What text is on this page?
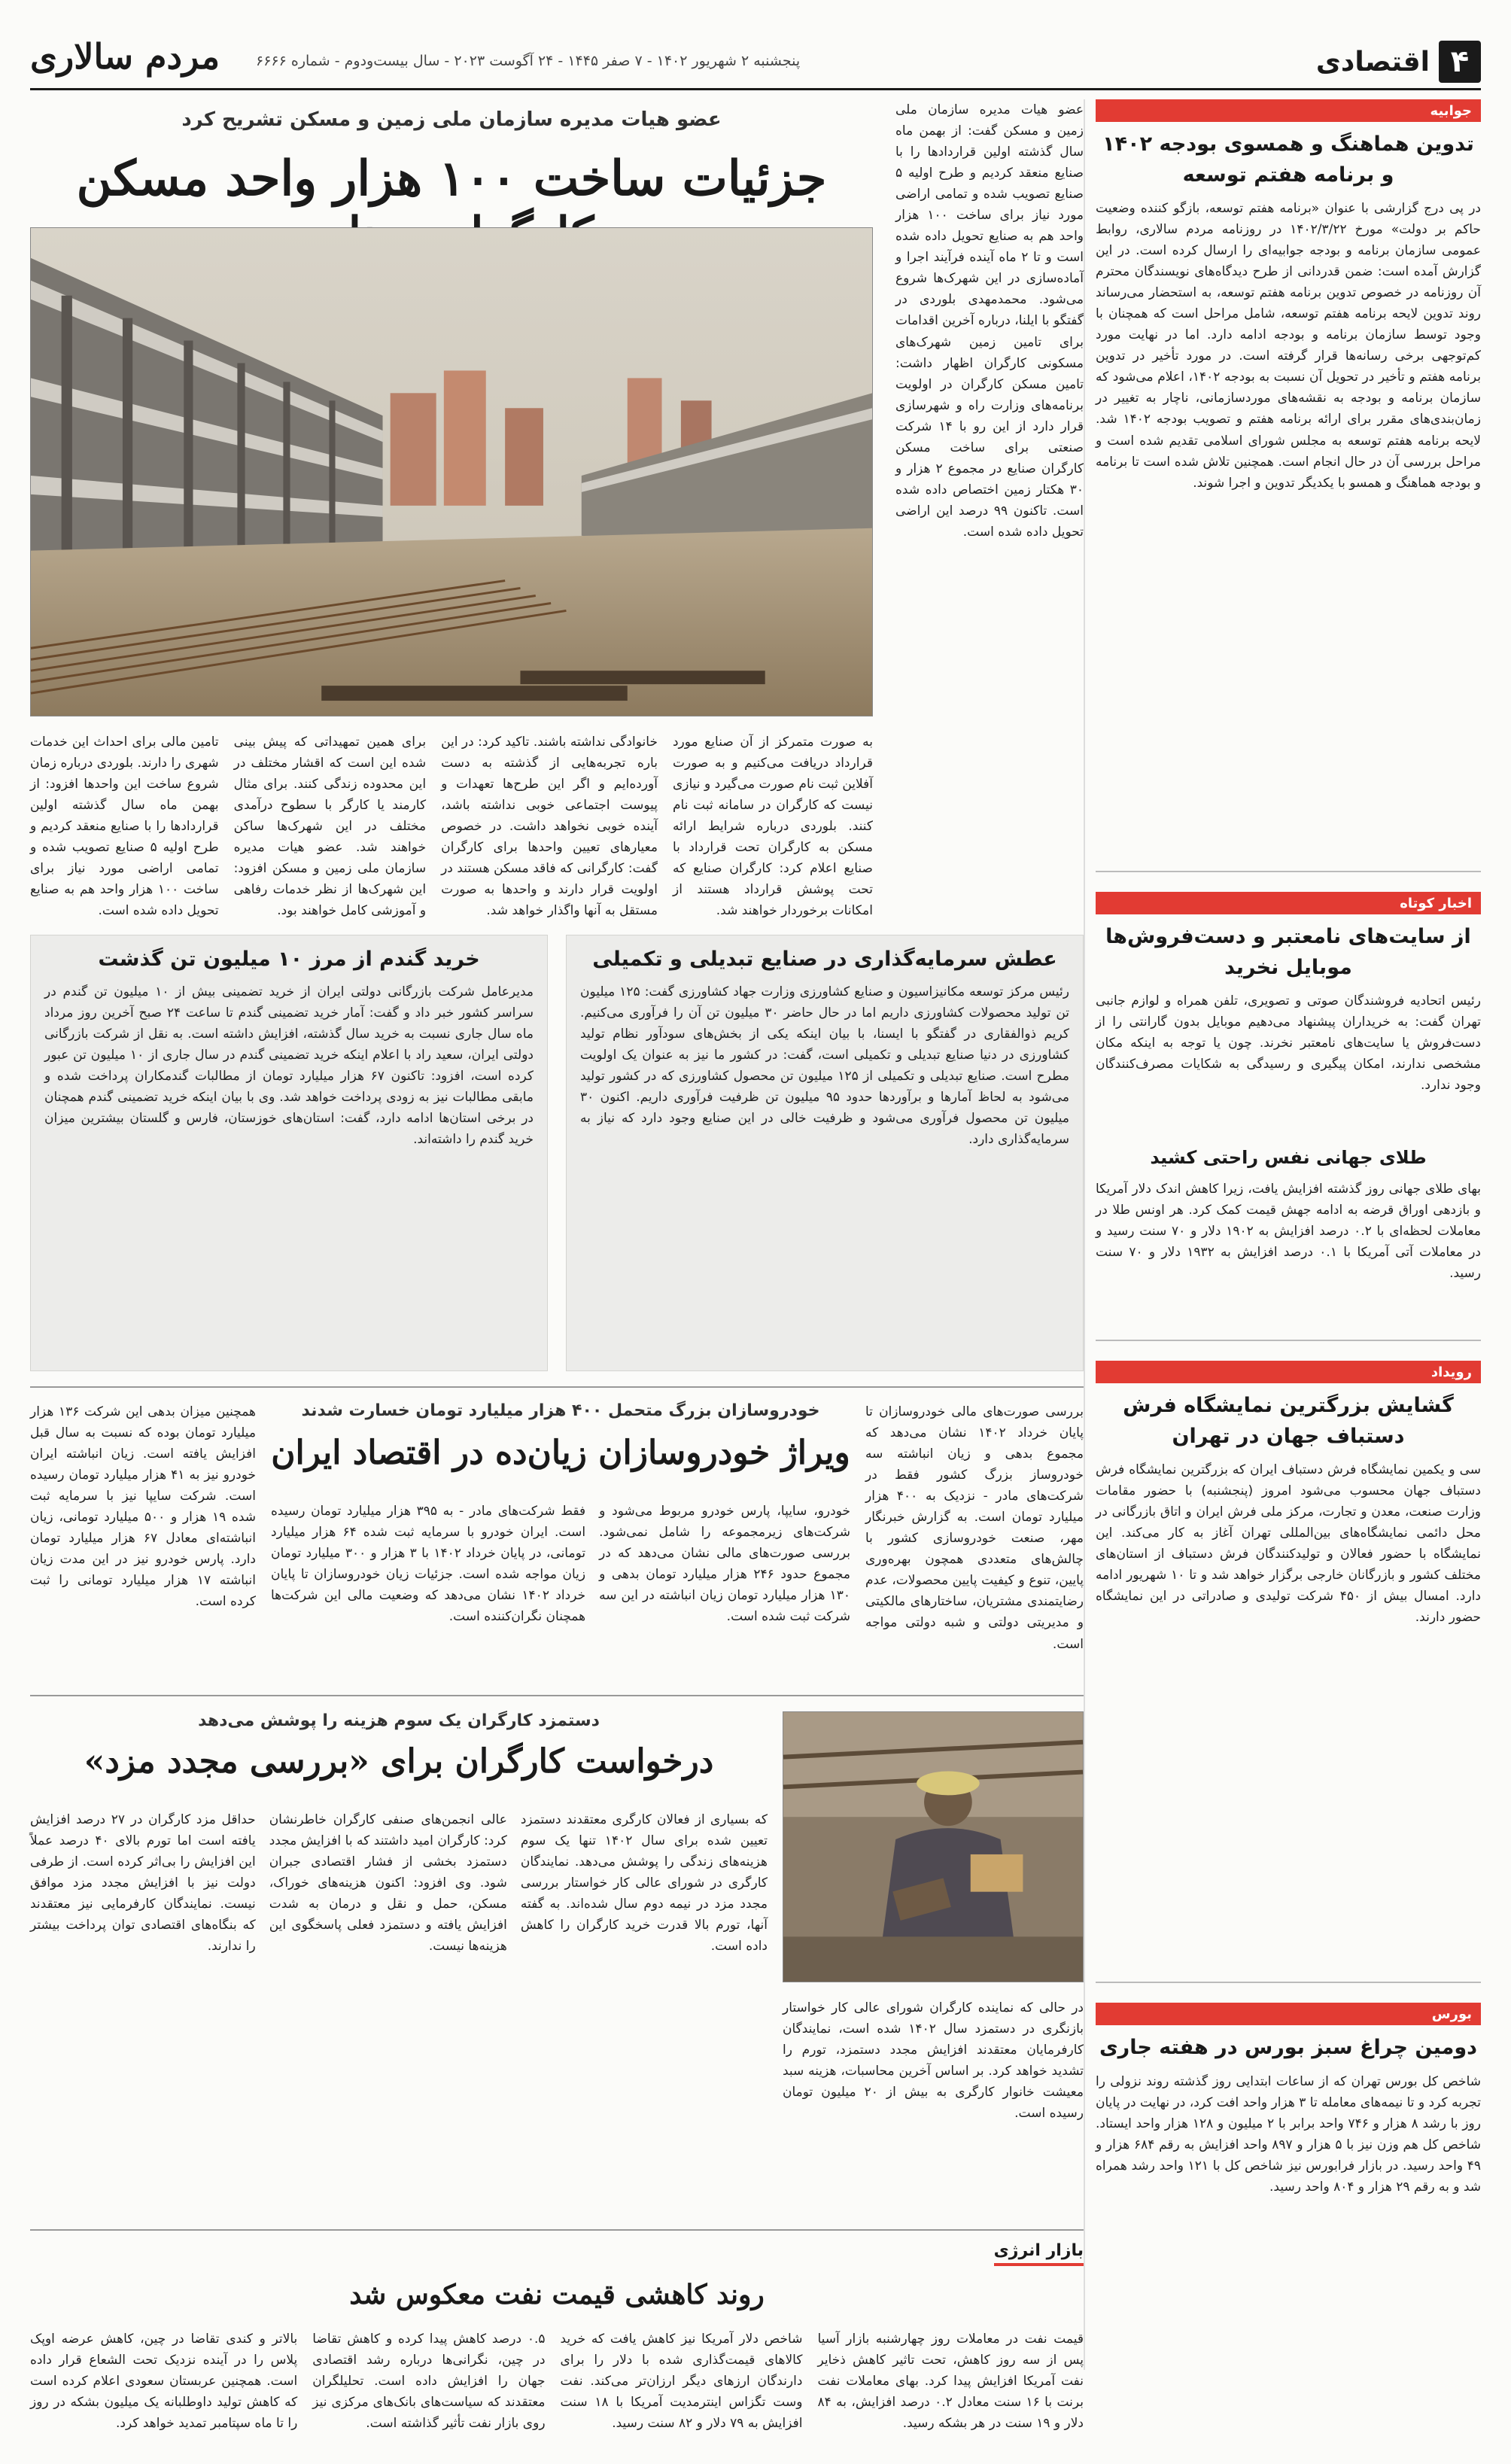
۴
اقتصادی
پنجشنبه ۲ شهریور ۱۴۰۲ - ۷ صفر ۱۴۴۵ - ۲۴ آگوست ۲۰۲۳ - سال بیست‌ودوم - شماره ۶۶۶۶
مردم سالاری
جوابیه
تدوین هماهنگ و همسوی بودجه ۱۴۰۲ و برنامه هفتم توسعه

در پی درج گزارشی با عنوان «برنامه هفتم توسعه، بازگو کننده وضعیت حاکم بر دولت» مورخ ۱۴۰۲/۳/۲۲ در روزنامه مردم سالاری، روابط عمومی سازمان برنامه و بودجه جوابیه‌ای را ارسال کرده است. در این گزارش آمده است: ضمن قدردانی از طرح دیدگاه‌های نویسندگان محترم آن روزنامه در خصوص تدوین برنامه هفتم توسعه، به استحضار می‌رساند روند تدوین لایحه برنامه هفتم توسعه، شامل مراحل است که همچنان با وجود توسط سازمان برنامه و بودجه ادامه دارد. اما در نهایت مورد کم‌توجهی برخی رسانه‌ها قرار گرفته است. در مورد تأخیر در تدوین برنامه هفتم و تأخیر در تحویل آن نسبت به بودجه ۱۴۰۲، اعلام می‌شود که سازمان برنامه و بودجه به نقشه‌های موردسازمانی، ناچار به تغییر در زمان‌بندی‌های مقرر برای ارائه برنامه هفتم و تصویب بودجه ۱۴۰۲ شد. لایحه برنامه هفتم توسعه به مجلس شورای اسلامی تقدیم شده است و مراحل بررسی آن در حال انجام است. همچنین تلاش شده است تا برنامه و بودجه هماهنگ و همسو با یکدیگر تدوین و اجرا شوند.

اخبار کوتاه
از سایت‌های نامعتبر و دست‌فروش‌ها موبایل نخرید

رئیس اتحادیه فروشندگان صوتی و تصویری، تلفن همراه و لوازم جانبی تهران گفت: به خریداران پیشنهاد می‌دهیم موبایل بدون گارانتی را از دست‌فروش یا سایت‌های نامعتبر نخرند. چون یا توجه به اینکه مکان مشخصی ندارند، امکان پیگیری و رسیدگی به شکایات مصرف‌کنندگان وجود ندارد.

طلای جهانی نفس راحتی کشید

بهای طلای جهانی روز گذشته افزایش یافت، زیرا کاهش اندک دلار آمریکا و بازدهی اوراق قرضه به ادامه جهش قیمت کمک کرد. هر اونس طلا در معاملات لحظه‌ای با ۰.۲ درصد افزایش به ۱۹۰۲ دلار و ۷۰ سنت رسید و در معاملات آتی آمریکا با ۰.۱ درصد افزایش به ۱۹۳۲ دلار و ۷۰ سنت رسید.

رویداد
گشایش بزرگترین نمایشگاه فرش دستباف جهان در تهران

سی و یکمین نمایشگاه فرش دستباف ایران که بزرگترین نمایشگاه فرش دستباف جهان محسوب می‌شود امروز (پنجشنبه) با حضور مقامات وزارت صنعت، معدن و تجارت، مرکز ملی فرش ایران و اتاق بازرگانی در محل دائمی نمایشگاه‌های بین‌المللی تهران آغاز به کار می‌کند. این نمایشگاه با حضور فعالان و تولیدکنندگان فرش دستباف از استان‌های مختلف کشور و بازرگانان خارجی برگزار خواهد شد و تا ۱۰ شهریور ادامه دارد. امسال بیش از ۴۵۰ شرکت تولیدی و صادراتی در این نمایشگاه حضور دارند.

بورس
دومین چراغ سبز بورس در هفته جاری

شاخص کل بورس تهران که از ساعات ابتدایی روز گذشته روند نزولی را تجربه کرد و تا نیمه‌های معامله تا ۳ هزار واحد افت کرد، در نهایت در پایان روز با رشد ۸ هزار و ۷۴۶ واحد برابر با ۲ میلیون و ۱۲۸ هزار واحد ایستاد. شاخص کل هم وزن نیز با ۵ هزار و ۸۹۷ واحد افزایش به رقم ۶۸۴ هزار و ۴۹ واحد رسید. در بازار فرابورس نیز شاخص کل با ۱۲۱ واحد رشد همراه شد و به رقم ۲۹ هزار و ۸۰۴ واحد رسید.

عضو هیات مدیره سازمان ملی زمین و مسکن گفت: از بهمن ماه سال گذشته اولین قراردادها را با صنایع منعقد کردیم و طرح اولیه ۵ صنایع تصویب شده و تمامی اراضی مورد نیاز برای ساخت ۱۰۰ هزار واحد هم به صنایع تحویل داده شده است و تا ۲ ماه آینده فرآیند اجرا و آماده‌سازی در این شهرک‌ها شروع می‌شود. محمدمهدی بلوردی در گفتگو با ایلنا، درباره آخرین اقدامات برای تامین زمین شهرک‌های مسکونی کارگران اظهار داشت: تامین مسکن کارگران در اولویت برنامه‌های وزارت راه و شهرسازی قرار دارد از این رو با ۱۴ شرکت صنعتی برای ساخت مسکن کارگران صنایع در مجموع ۲ هزار و ۳۰ هکتار زمین اختصاص داده شده است. تاکنون ۹۹ درصد این اراضی تحویل داده شده است.

عضو هیات مدیره سازمان ملی زمین و مسکن تشریح کرد
جزئیات ساخت ۱۰۰ هزار واحد مسکن

به صورت متمرکز از آن صنایع مورد قرارداد دریافت می‌کنیم و به صورت آفلاین ثبت نام صورت می‌گیرد و نیازی نیست که کارگران در سامانه ثبت نام کنند. بلوردی درباره شرایط ارائه مسکن به کارگران تحت قرارداد با صنایع اعلام کرد: کارگران صنایع که تحت پوشش قرارداد هستند از امکانات برخوردار خواهند شد.

خانوادگی نداشته باشند. تاکید کرد: در این باره تجربه‌هایی از گذشته به دست آورده‌ایم و اگر این طرح‌ها تعهدات و پیوست اجتماعی خوبی نداشته باشد، آینده خوبی نخواهد داشت. در خصوص معیارهای تعیین واحدها برای کارگران گفت: کارگرانی که فاقد مسکن هستند در اولویت قرار دارند و واحدها به صورت مستقل به آنها واگذار خواهد شد.

برای همین تمهیداتی که پیش بینی شده این است که اقشار مختلف در این محدوده زندگی کنند. برای مثال کارمند یا کارگر با سطوح درآمدی مختلف در این شهرک‌ها ساکن خواهند شد. عضو هیات مدیره سازمان ملی زمین و مسکن افزود: این شهرک‌ها از نظر خدمات رفاهی و آموزشی کامل خواهند بود.

تامین مالی برای احداث این خدمات شهری را دارند. بلوردی درباره زمان شروع ساخت این واحدها افزود: از بهمن ماه سال گذشته اولین قراردادها را با صنایع منعقد کردیم و طرح اولیه ۵ صنایع تصویب شده و تمامی اراضی مورد نیاز برای ساخت ۱۰۰ هزار واحد هم به صنایع تحویل داده شده است.

عطش سرمایه‌گذاری در صنایع تبدیلی و تکمیلی

رئیس مرکز توسعه مکانیزاسیون و صنایع کشاورزی وزارت جهاد کشاورزی گفت: ۱۲۵ میلیون تن تولید محصولات کشاورزی داریم اما در حال حاضر ۳۰ میلیون تن آن را فرآوری می‌کنیم. کریم ذوالفقاری در گفتگو با ایسنا، با بیان اینکه یکی از بخش‌های سودآور نظام تولید کشاورزی در دنیا صنایع تبدیلی و تکمیلی است، گفت: در کشور ما نیز به عنوان یک اولویت مطرح است. صنایع تبدیلی و تکمیلی از ۱۲۵ میلیون تن محصول کشاورزی که در کشور تولید می‌شود به لحاظ آمارها و برآوردها حدود ۹۵ میلیون تن ظرفیت فرآوری داریم. اکنون ۳۰ میلیون تن محصول فرآوری می‌شود و ظرفیت خالی در این صنایع وجود دارد که نیاز به سرمایه‌گذاری دارد.

خرید گندم از مرز ۱۰ میلیون تن گذشت

مدیرعامل شرکت بازرگانی دولتی ایران از خرید تضمینی بیش از ۱۰ میلیون تن گندم در سراسر کشور خبر داد و گفت: آمار خرید تضمینی گندم تا ساعت ۲۴ صبح آخرین روز مرداد ماه سال جاری نسبت به خرید سال گذشته، افزایش داشته است. به نقل از شرکت بازرگانی دولتی ایران، سعید راد با اعلام اینکه خرید تضمینی گندم در سال جاری از ۱۰ میلیون تن عبور کرده است، افزود: تاکنون ۶۷ هزار میلیارد تومان از مطالبات گندمکاران پرداخت شده و مابقی مطالبات نیز به زودی پرداخت خواهد شد. وی با بیان اینکه خرید تضمینی گندم همچنان در برخی استان‌ها ادامه دارد، گفت: استان‌های خوزستان، فارس و گلستان بیشترین میزان خرید گندم را داشته‌اند.

بررسی صورت‌های مالی خودروسازان تا پایان خرداد ۱۴۰۲ نشان می‌دهد که مجموع بدهی و زیان انباشته سه خودروساز بزرگ کشور فقط در شرکت‌های مادر - نزدیک به ۴۰۰ هزار میلیارد تومان است. به گزارش خبرنگار مهر، صنعت خودروسازی کشور با چالش‌های متعددی همچون بهره‌وری پایین، تنوع و کیفیت پایین محصولات، عدم رضایتمندی مشتریان، ساختارهای مالکیتی و مدیریتی دولتی و شبه دولتی مواجه است.

خودروسازان بزرگ متحمل ۴۰۰ هزار میلیارد تومان خسارت شدند
ویراژ خودروسازان زیان‌ده در اقتصاد ایران

خودرو، سایپا، پارس خودرو مربوط می‌شود و شرکت‌های زیرمجموعه را شامل نمی‌شود. بررسی صورت‌های مالی نشان می‌دهد که در مجموع حدود ۲۴۶ هزار میلیارد تومان بدهی و ۱۳۰ هزار میلیارد تومان زیان انباشته در این سه شرکت ثبت شده است.

فقط شرکت‌های مادر - به ۳۹۵ هزار میلیارد تومان رسیده است. ایران خودرو با سرمایه ثبت شده ۶۴ هزار میلیارد تومانی، در پایان خرداد ۱۴۰۲ با ۳ هزار و ۳۰۰ میلیارد تومان زیان مواجه شده است. جزئیات زیان خودروسازان تا پایان خرداد ۱۴۰۲ نشان می‌دهد که وضعیت مالی این شرکت‌ها همچنان نگران‌کننده است.

همچنین میزان بدهی این شرکت ۱۳۶ هزار میلیارد تومان بوده که نسبت به سال قبل افزایش یافته است. زیان انباشته ایران خودرو نیز به ۴۱ هزار میلیارد تومان رسیده است. شرکت سایپا نیز با سرمایه ثبت شده ۱۹ هزار و ۵۰۰ میلیارد تومانی، زیان انباشته‌ای معادل ۶۷ هزار میلیارد تومان دارد. پارس خودرو نیز در این مدت زیان انباشته ۱۷ هزار میلیارد تومانی را ثبت کرده است.

دستمزد کارگران یک سوم هزینه را پوشش می‌دهد
درخواست کارگران برای «بررسی مجدد مزد»

که بسیاری از فعالان کارگری معتقدند دستمزد تعیین شده برای سال ۱۴۰۲ تنها یک سوم هزینه‌های زندگی را پوشش می‌دهد. نمایندگان کارگری در شورای عالی کار خواستار بررسی مجدد مزد در نیمه دوم سال شده‌اند. به گفته آنها، تورم بالا قدرت خرید کارگران را کاهش داده است.

عالی انجمن‌های صنفی کارگران خاطرنشان کرد: کارگران امید داشتند که با افزایش مجدد دستمزد بخشی از فشار اقتصادی جبران شود. وی افزود: اکنون هزینه‌های خوراک، مسکن، حمل و نقل و درمان به شدت افزایش یافته و دستمزد فعلی پاسخگوی این هزینه‌ها نیست.

حداقل مزد کارگران در ۲۷ درصد افزایش یافته است اما تورم بالای ۴۰ درصد عملاً این افزایش را بی‌اثر کرده است. از طرفی دولت نیز با افزایش مجدد مزد موافق نیست. نمایندگان کارفرمایی نیز معتقدند که بنگاه‌های اقتصادی توان پرداخت بیشتر را ندارند.

در حالی که نماینده کارگران شورای عالی کار خواستار بازنگری در دستمزد سال ۱۴۰۲ شده است، نمایندگان کارفرمایان معتقدند افزایش مجدد دستمزد، تورم را تشدید خواهد کرد. بر اساس آخرین محاسبات، هزینه سبد معیشت خانوار کارگری به بیش از ۲۰ میلیون تومان رسیده است.

بازار انرژی
روند کاهشی قیمت نفت معکوس شد

قیمت نفت در معاملات روز چهارشنبه بازار آسیا پس از سه روز کاهش، تحت تاثیر کاهش ذخایر نفت آمریکا افزایش پیدا کرد. بهای معاملات نفت برنت با ۱۶ سنت معادل ۰.۲ درصد افزایش، به ۸۴ دلار و ۱۹ سنت در هر بشکه رسید.

شاخص دلار آمریکا نیز کاهش یافت که خرید کالاهای قیمت‌گذاری شده با دلار را برای دارندگان ارزهای دیگر ارزان‌تر می‌کند. نفت وست تگزاس اینترمدیت آمریکا با ۱۸ سنت افزایش به ۷۹ دلار و ۸۲ سنت رسید.

۰.۵ درصد کاهش پیدا کرده و کاهش تقاضا در چین، نگرانی‌ها درباره رشد اقتصادی جهان را افزایش داده است. تحلیلگران معتقدند که سیاست‌های بانک‌های مرکزی نیز روی بازار نفت تأثیر گذاشته است.

بالاتر و کندی تقاضا در چین، کاهش عرضه اوپک پلاس را در آینده نزدیک تحت الشعاع قرار داده است. همچنین عربستان سعودی اعلام کرده است که کاهش تولید داوطلبانه یک میلیون بشکه در روز را تا ماه سپتامبر تمدید خواهد کرد.
